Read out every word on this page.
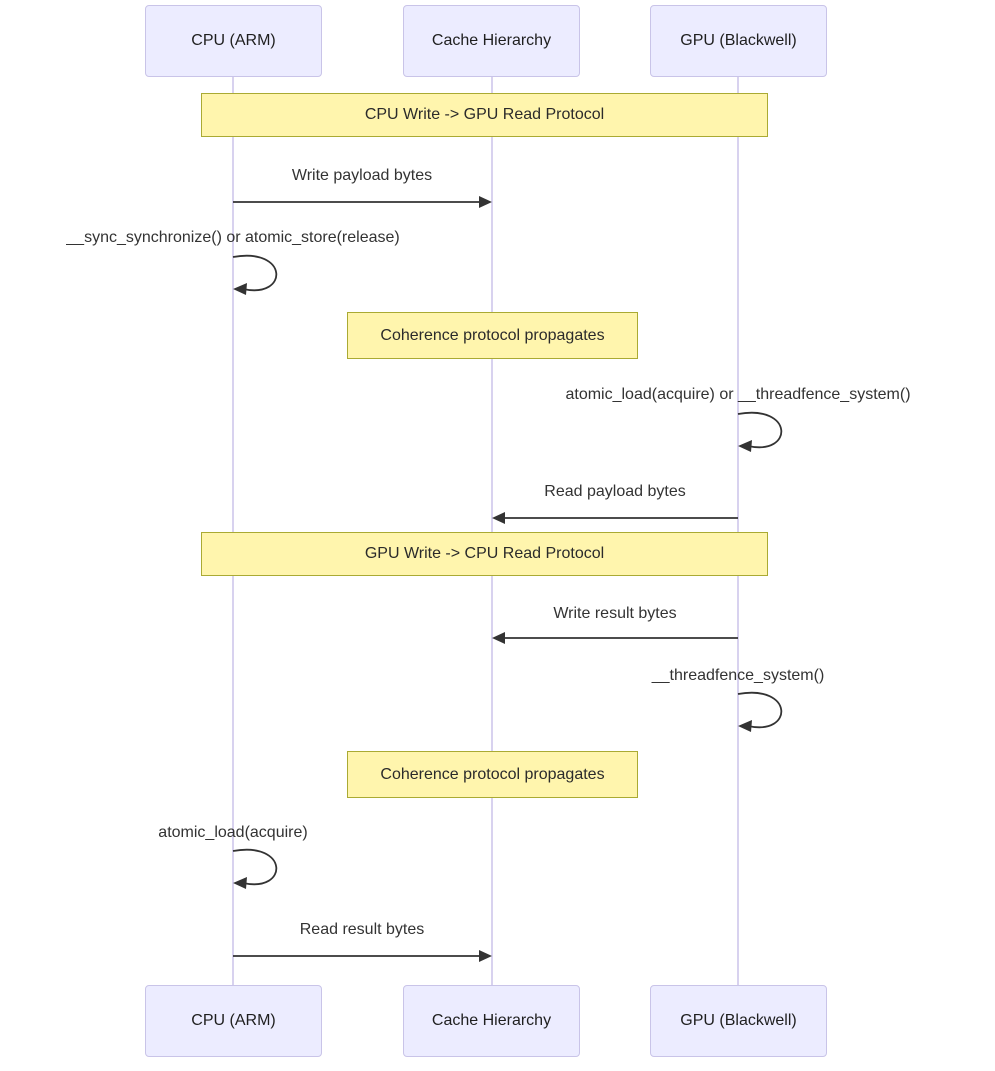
CPU (ARM)	Cache Hierarchy	GPU (Blackwell)
CPU Write -> GPU Read Protocol
Write payload bytes
__sync_synchronize() or atomic_store(release)
Coherence protocol propagates
atomic_load(acquire) or __threadfence_system()
Read payload bytes
GPU Write -> CPU Read Protocol
Write result bytes
__threadfence_system()
Coherence protocol propagates
atomic_load(acquire)
Read result bytes
CPU (ARM)	Cache Hierarchy	GPU (Blackwell)
